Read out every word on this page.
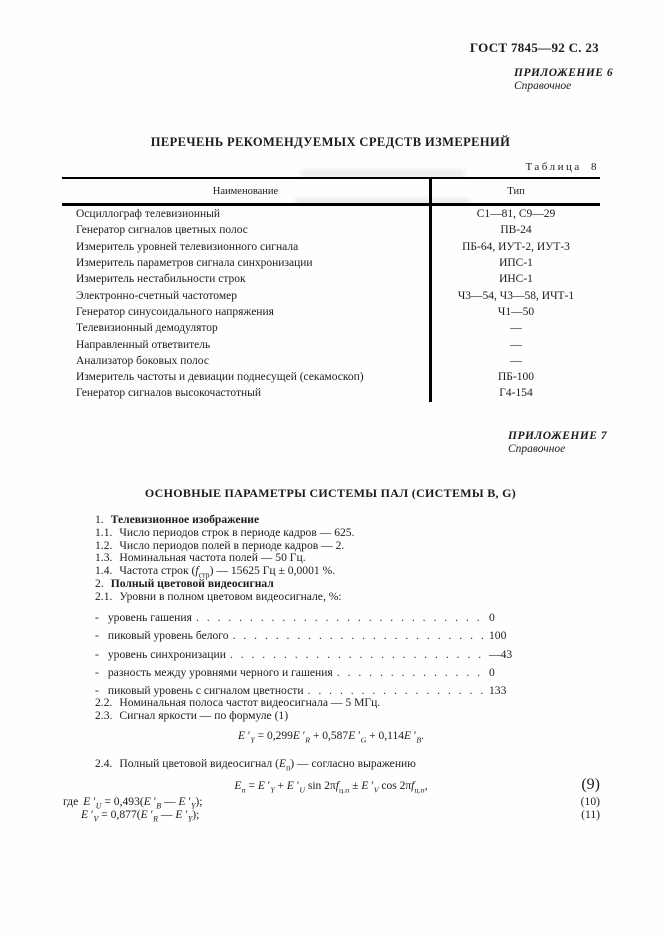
ГОСТ 7845—92 С. 23
ПРИЛОЖЕНИЕ 6
Справочное
ПЕРЕЧЕНЬ РЕКОМЕНДУЕМЫХ СРЕДСТВ ИЗМЕРЕНИЙ
Таблица 8
Наименование	Тип
Осциллограф телевизионный	С1—81, С9—29
Генератор сигналов цветных полос	ПВ-24
Измеритель уровней телевизионного сигнала	ПБ-64, ИУТ-2, ИУТ-3
Измеритель параметров сигнала синхронизации	ИПС-1
Измеритель нестабильности строк	ИНС-1
Электронно-счетный частотомер	Ч3—54, Ч3—58, ИЧТ-1
Генератор синусоидального напряжения	Ч1—50
Телевизионный демодулятор	—
Направленный ответвитель	—
Анализатор боковых полос	—
Измеритель частоты и девиации поднесущей (секамоскоп)	ПБ-100
Генератор сигналов высокочастотный	Г4-154
ПРИЛОЖЕНИЕ 7
Справочное
ОСНОВНЫЕ ПАРАМЕТРЫ СИСТЕМЫ ПАЛ (СИСТЕМЫ B, G)
1. Телевизионное изображение
1.1. Число периодов строк в периоде кадров — 625.
1.2. Число периодов полей в периоде кадров — 2.
1.3. Номинальная частота полей — 50 Гц.
1.4. Частота строк $(f_{стр})$ — 15625 Гц ± 0,0001 %.
2. Полный цветовой видеосигнал
2.1. Уровни в полном цветовом видеосигнале, %:
- уровень гашения . . .	0
- пиковый уровень белого . . .	100
- уровень синхронизации . . .	—43
- разность между уровнями черного и гашения . . .	0
- пиковый уровень с сигналом цветности . . .	133
2.2. Номинальная полоса частот видеосигнала — 5 МГц.
2.3. Сигнал яркости — по формуле (1)
E $'_Y = 0,299E$ $'_R + 0,587E$ $'_G + 0,114E$ $'_B$.
2.4. Полный цветовой видеосигнал $(E_п)$ — согласно выражению
$E_п = E$ $'_Y + E$ $'_U$ $\sin 2\pi f_{ц.п} \pm E$ $'_V$ $\cos 2\pi f_{ц.п}$,	(9)
где E $'_U = 0,493(E$ $'_B$ — E $'_Y$);	(10)
E $'_V = 0,877(E$ $'_R$ — E $'_Y$);	(11)
